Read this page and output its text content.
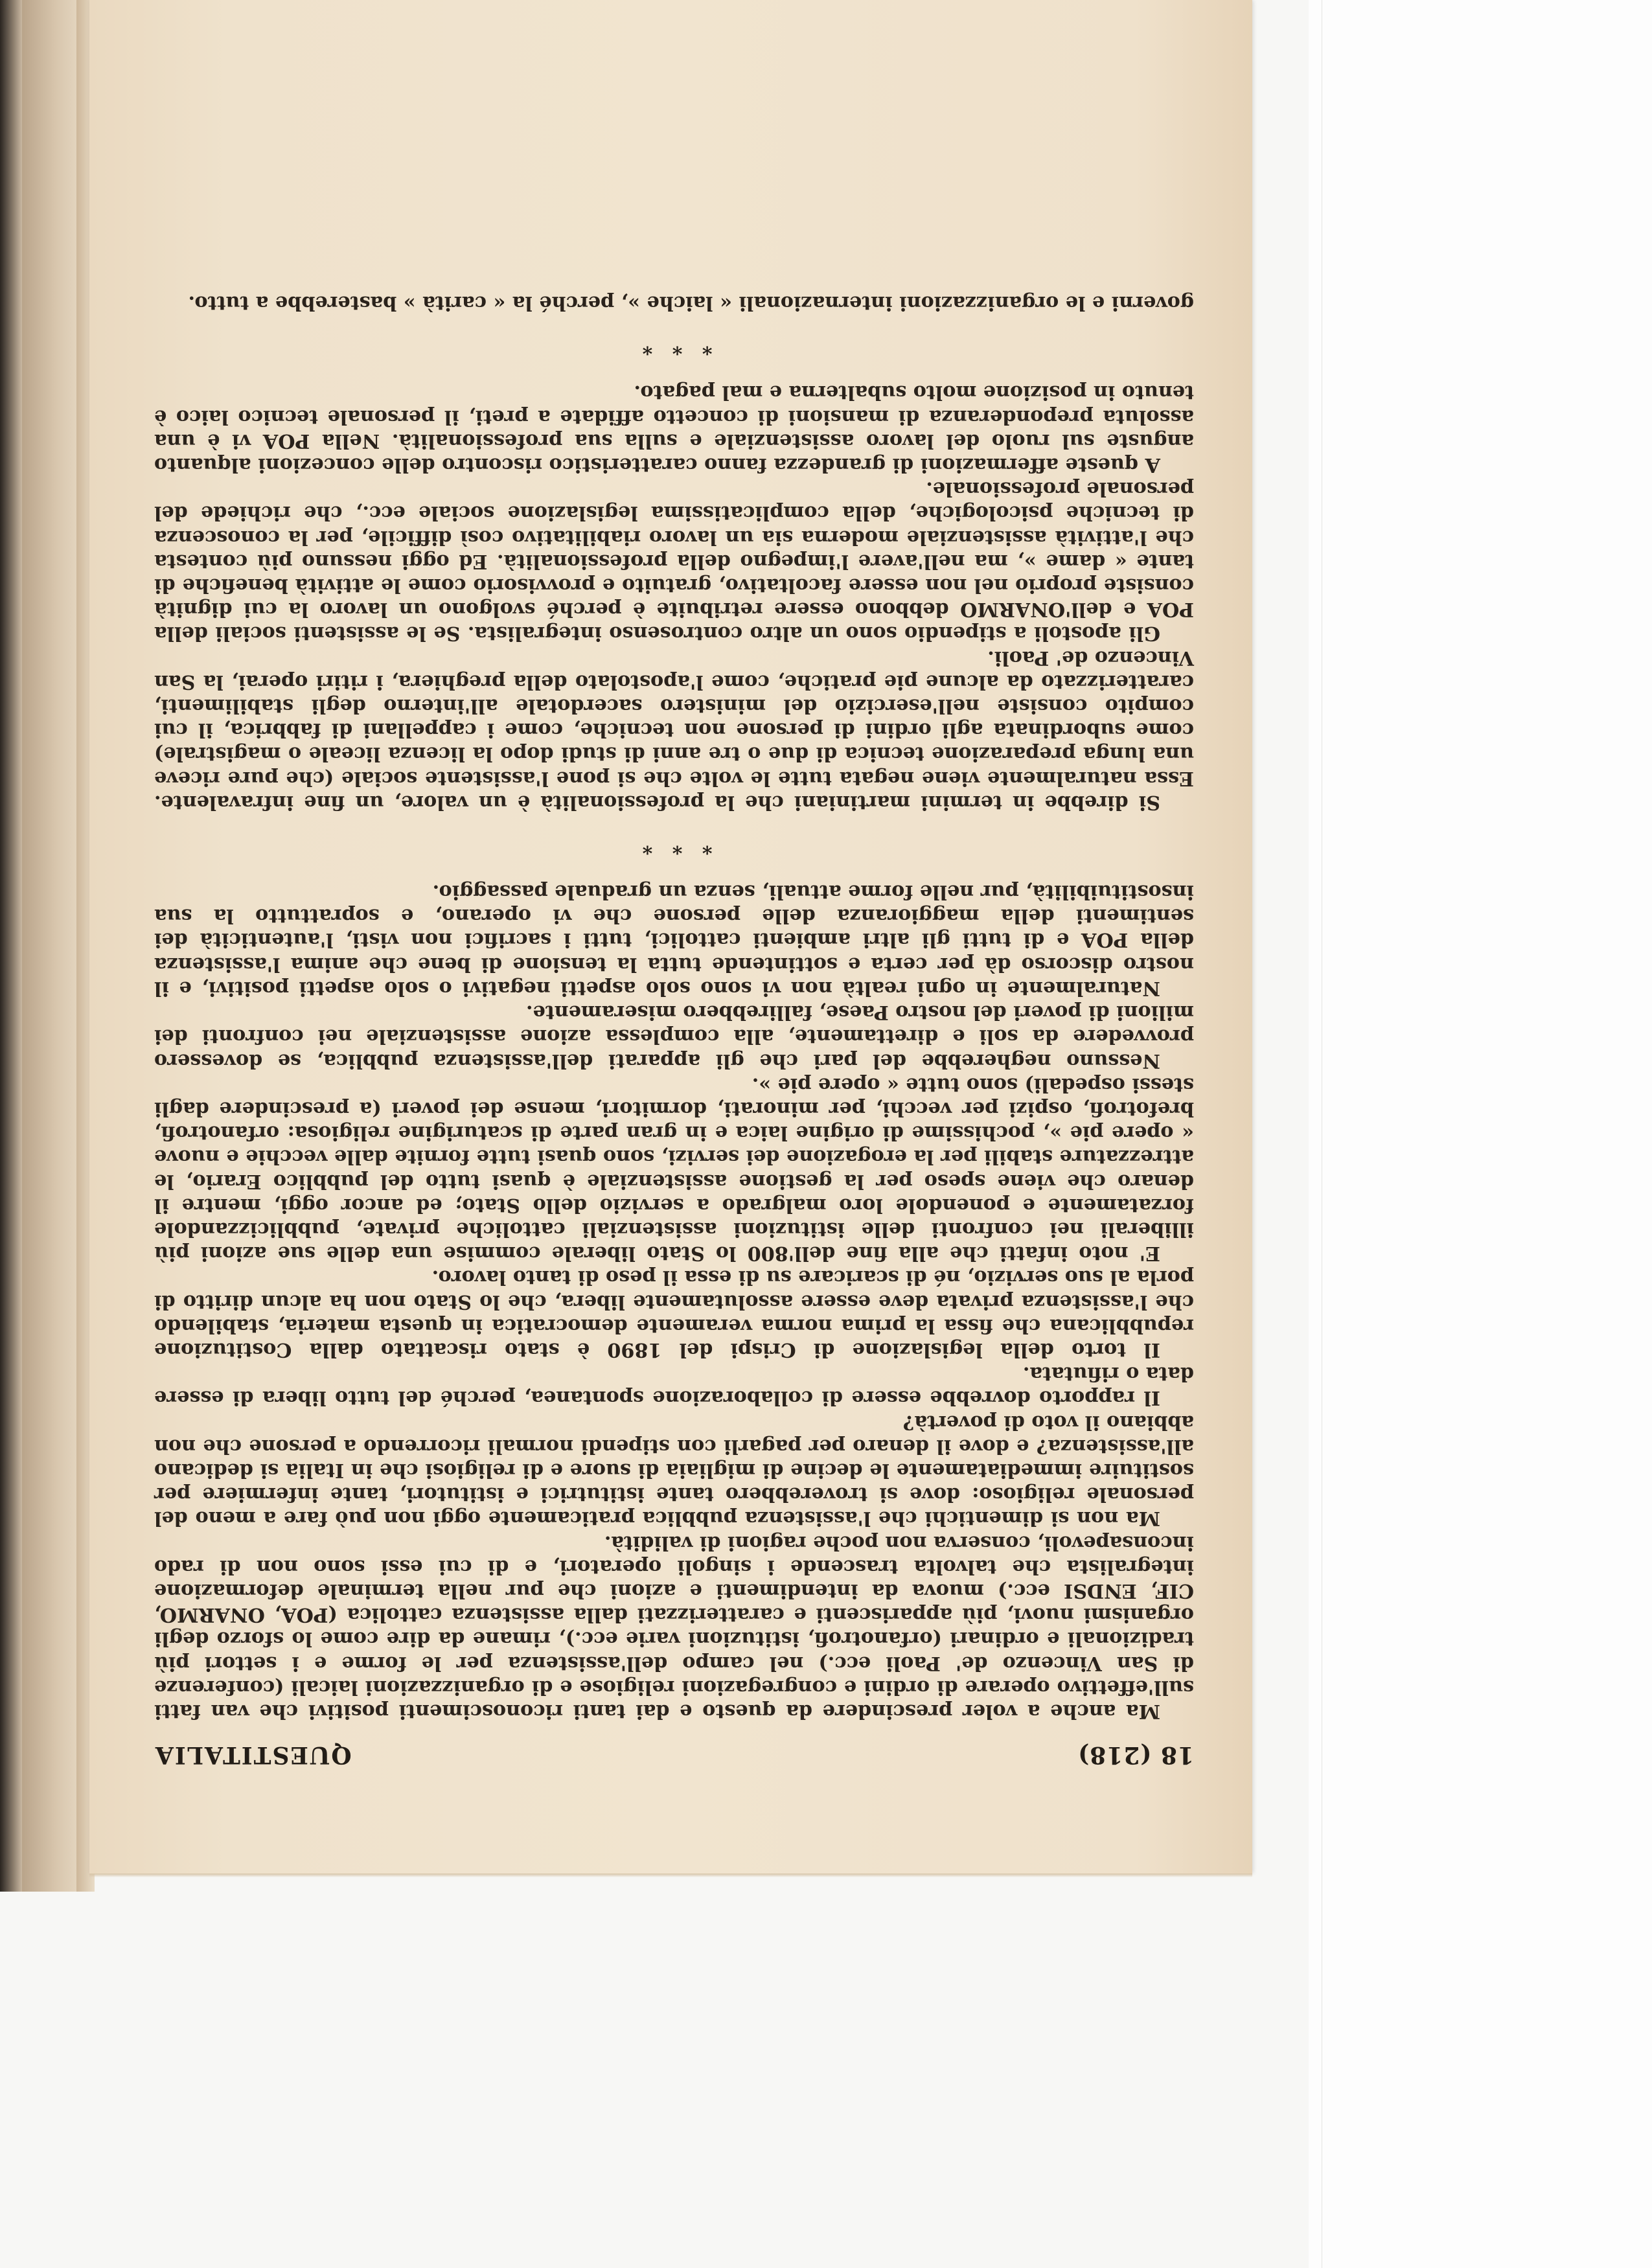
18 (218)
QUESTITALIA

Ma anche a voler prescindere da questo e dai tanti riconoscimenti positivi che van fatti sull'effettivo operare di ordini e congregazioni religiose e di organizzazioni laicali (conferenze di San Vincenzo de' Paoli ecc.) nel campo dell'assistenza per le forme e i settori più tradizionali e ordinari (orfanotrofi, istituzioni varie ecc.), rimane da dire come lo sforzo degli organismi nuovi, più appariscenti e caratterizzati dalla assistenza cattolica (POA, ONARMO, CIF, ENDSI ecc.) muova da intendimenti e azioni che pur nella terminale deformazione integralista che talvolta trascende i singoli operatori, e di cui essi sono non di rado inconsapevoli, conserva non poche ragioni di validità.

Ma non si dimentichi che l'assistenza pubblica praticamente oggi non può fare a meno del personale religioso: dove si troverebbero tante istitutrici e istitutori, tante infermiere per sostituire immediatamente le decine di migliaia di suore e di religiosi che in Italia si dedicano all'assistenza? e dove il denaro per pagarli con stipendi normali ricorrendo a persone che non abbiano il voto di povertà?

Il rapporto dovrebbe essere di collaborazione spontanea, perché del tutto libera di essere data o rifiutata.

Il torto della legislazione di Crispi del 1890 è stato riscattato dalla Costituzione repubblicana che fissa la prima norma veramente democratica in questa materia, stabilendo che l'assistenza privata deve essere assolutamente libera, che lo Stato non ha alcun diritto di porla al suo servizio, né di scaricare su di essa il peso di tanto lavoro.

E' noto infatti che alla fine dell'800 lo Stato liberale commise una delle sue azioni più illiberali nei confronti delle istituzioni assistenziali cattoliche private, pubblicizzandole forzatamente e ponendole loro malgrado a servizio dello Stato; ed ancor oggi, mentre il denaro che viene speso per la gestione assistenziale è quasi tutto del pubblico Erario, le attrezzature stabili per la erogazione dei servizi, sono quasi tutte fornite dalle vecchie e nuove « opere pie », pochissime di origine laica e in gran parte di scaturigine religiosa: orfanotrofi, brefotrofi, ospizi per vecchi, per minorati, dormitori, mense dei poveri (a prescindere dagli stessi ospedali) sono tutte « opere pie ».

Nessuno negherebbe del pari che gli apparati dell'assistenza pubblica, se dovessero provvedere da soli e direttamente, alla complessa azione assistenziale nei confronti dei milioni di poveri del nostro Paese, fallirebbero miseramente.

Naturalmente in ogni realtà non vi sono solo aspetti negativi o solo aspetti positivi, e il nostro discorso dà per certa e sottintende tutta la tensione di bene che anima l'assistenza della POA e di tutti gli altri ambienti cattolici, tutti i sacrifici non visti, l'autenticità dei sentimenti della maggioranza delle persone che vi operano, e soprattutto la sua insostituibilità, pur nelle forme attuali, senza un graduale passaggio.

* * *

Si direbbe in termini martiniani che la professionalità è un valore, un fine infravalente. Essa naturalmente viene negata tutte le volte che si pone l'assistente sociale (che pure riceve una lunga preparazione tecnica di due o tre anni di studi dopo la licenza liceale o magistrale) come subordinata agli ordini di persone non tecniche, come i cappellani di fabbrica, il cui compito consiste nell'esercizio del ministero sacerdotale all'interno degli stabilimenti, caratterizzato da alcune pie pratiche, come l'apostolato della preghiera, i ritiri operai, la San Vincenzo de' Paoli.

Gli apostoli a stipendio sono un altro controsenso integralista. Se le assistenti sociali della POA e dell'ONARMO debbono essere retribuite è perché svolgono un lavoro la cui dignità consiste proprio nel non essere facoltativo, gratuito e provvisorio come le attività benefiche di tante « dame », ma nell'avere l'impegno della professionalità. Ed oggi nessuno più contesta che l'attività assistenziale moderna sia un lavoro riabilitativo così difficile, per la conoscenza di tecniche psicologiche, della complicatissima legislazione sociale ecc., che richiede del personale professionale.

A queste affermazioni di grandezza fanno caratteristico riscontro delle concezioni alquanto anguste sul ruolo del lavoro assistenziale e sulla sua professionalità. Nella POA vi è una assoluta preponderanza di mansioni di concetto affidate a preti, il personale tecnico laico è tenuto in posizione molto subalterna e mal pagato.

* * *

governi e le organizzazioni internazionali « laiche », perché la « carità » basterebbe a tutto.
